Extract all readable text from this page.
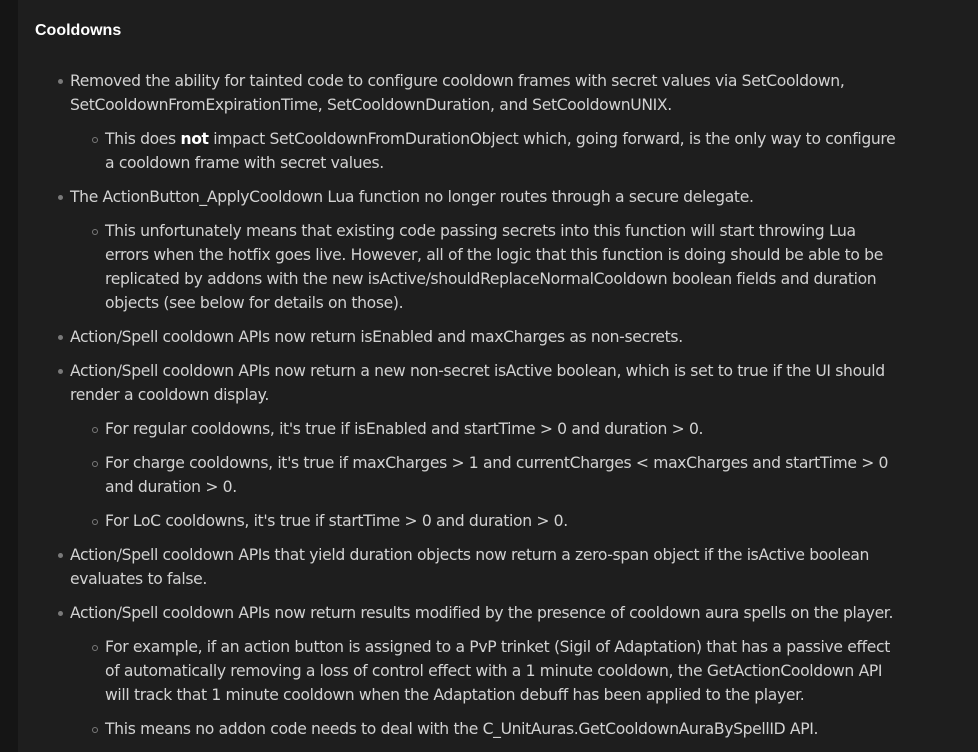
Cooldowns
Removed the ability for tainted code to configure cooldown frames with secret values via SetCooldown,
SetCooldownFromExpirationTime, SetCooldownDuration, and SetCooldownUNIX.
This does not impact SetCooldownFromDurationObject which, going forward, is the only way to configure
a cooldown frame with secret values.
The ActionButton_ApplyCooldown Lua function no longer routes through a secure delegate.
This unfortunately means that existing code passing secrets into this function will start throwing Lua
errors when the hotfix goes live. However, all of the logic that this function is doing should be able to be
replicated by addons with the new isActive/shouldReplaceNormalCooldown boolean fields and duration
objects (see below for details on those).
Action/Spell cooldown APIs now return isEnabled and maxCharges as non-secrets.
Action/Spell cooldown APIs now return a new non-secret isActive boolean, which is set to true if the UI should
render a cooldown display.
For regular cooldowns, it's true if isEnabled and startTime > 0 and duration > 0.
For charge cooldowns, it's true if maxCharges > 1 and currentCharges < maxCharges and startTime > 0
and duration > 0.
For LoC cooldowns, it's true if startTime > 0 and duration > 0.
Action/Spell cooldown APIs that yield duration objects now return a zero-span object if the isActive boolean
evaluates to false.
Action/Spell cooldown APIs now return results modified by the presence of cooldown aura spells on the player.
For example, if an action button is assigned to a PvP trinket (Sigil of Adaptation) that has a passive effect
of automatically removing a loss of control effect with a 1 minute cooldown, the GetActionCooldown API
will track that 1 minute cooldown when the Adaptation debuff has been applied to the player.
This means no addon code needs to deal with the C_UnitAuras.GetCooldownAuraBySpellID API.
